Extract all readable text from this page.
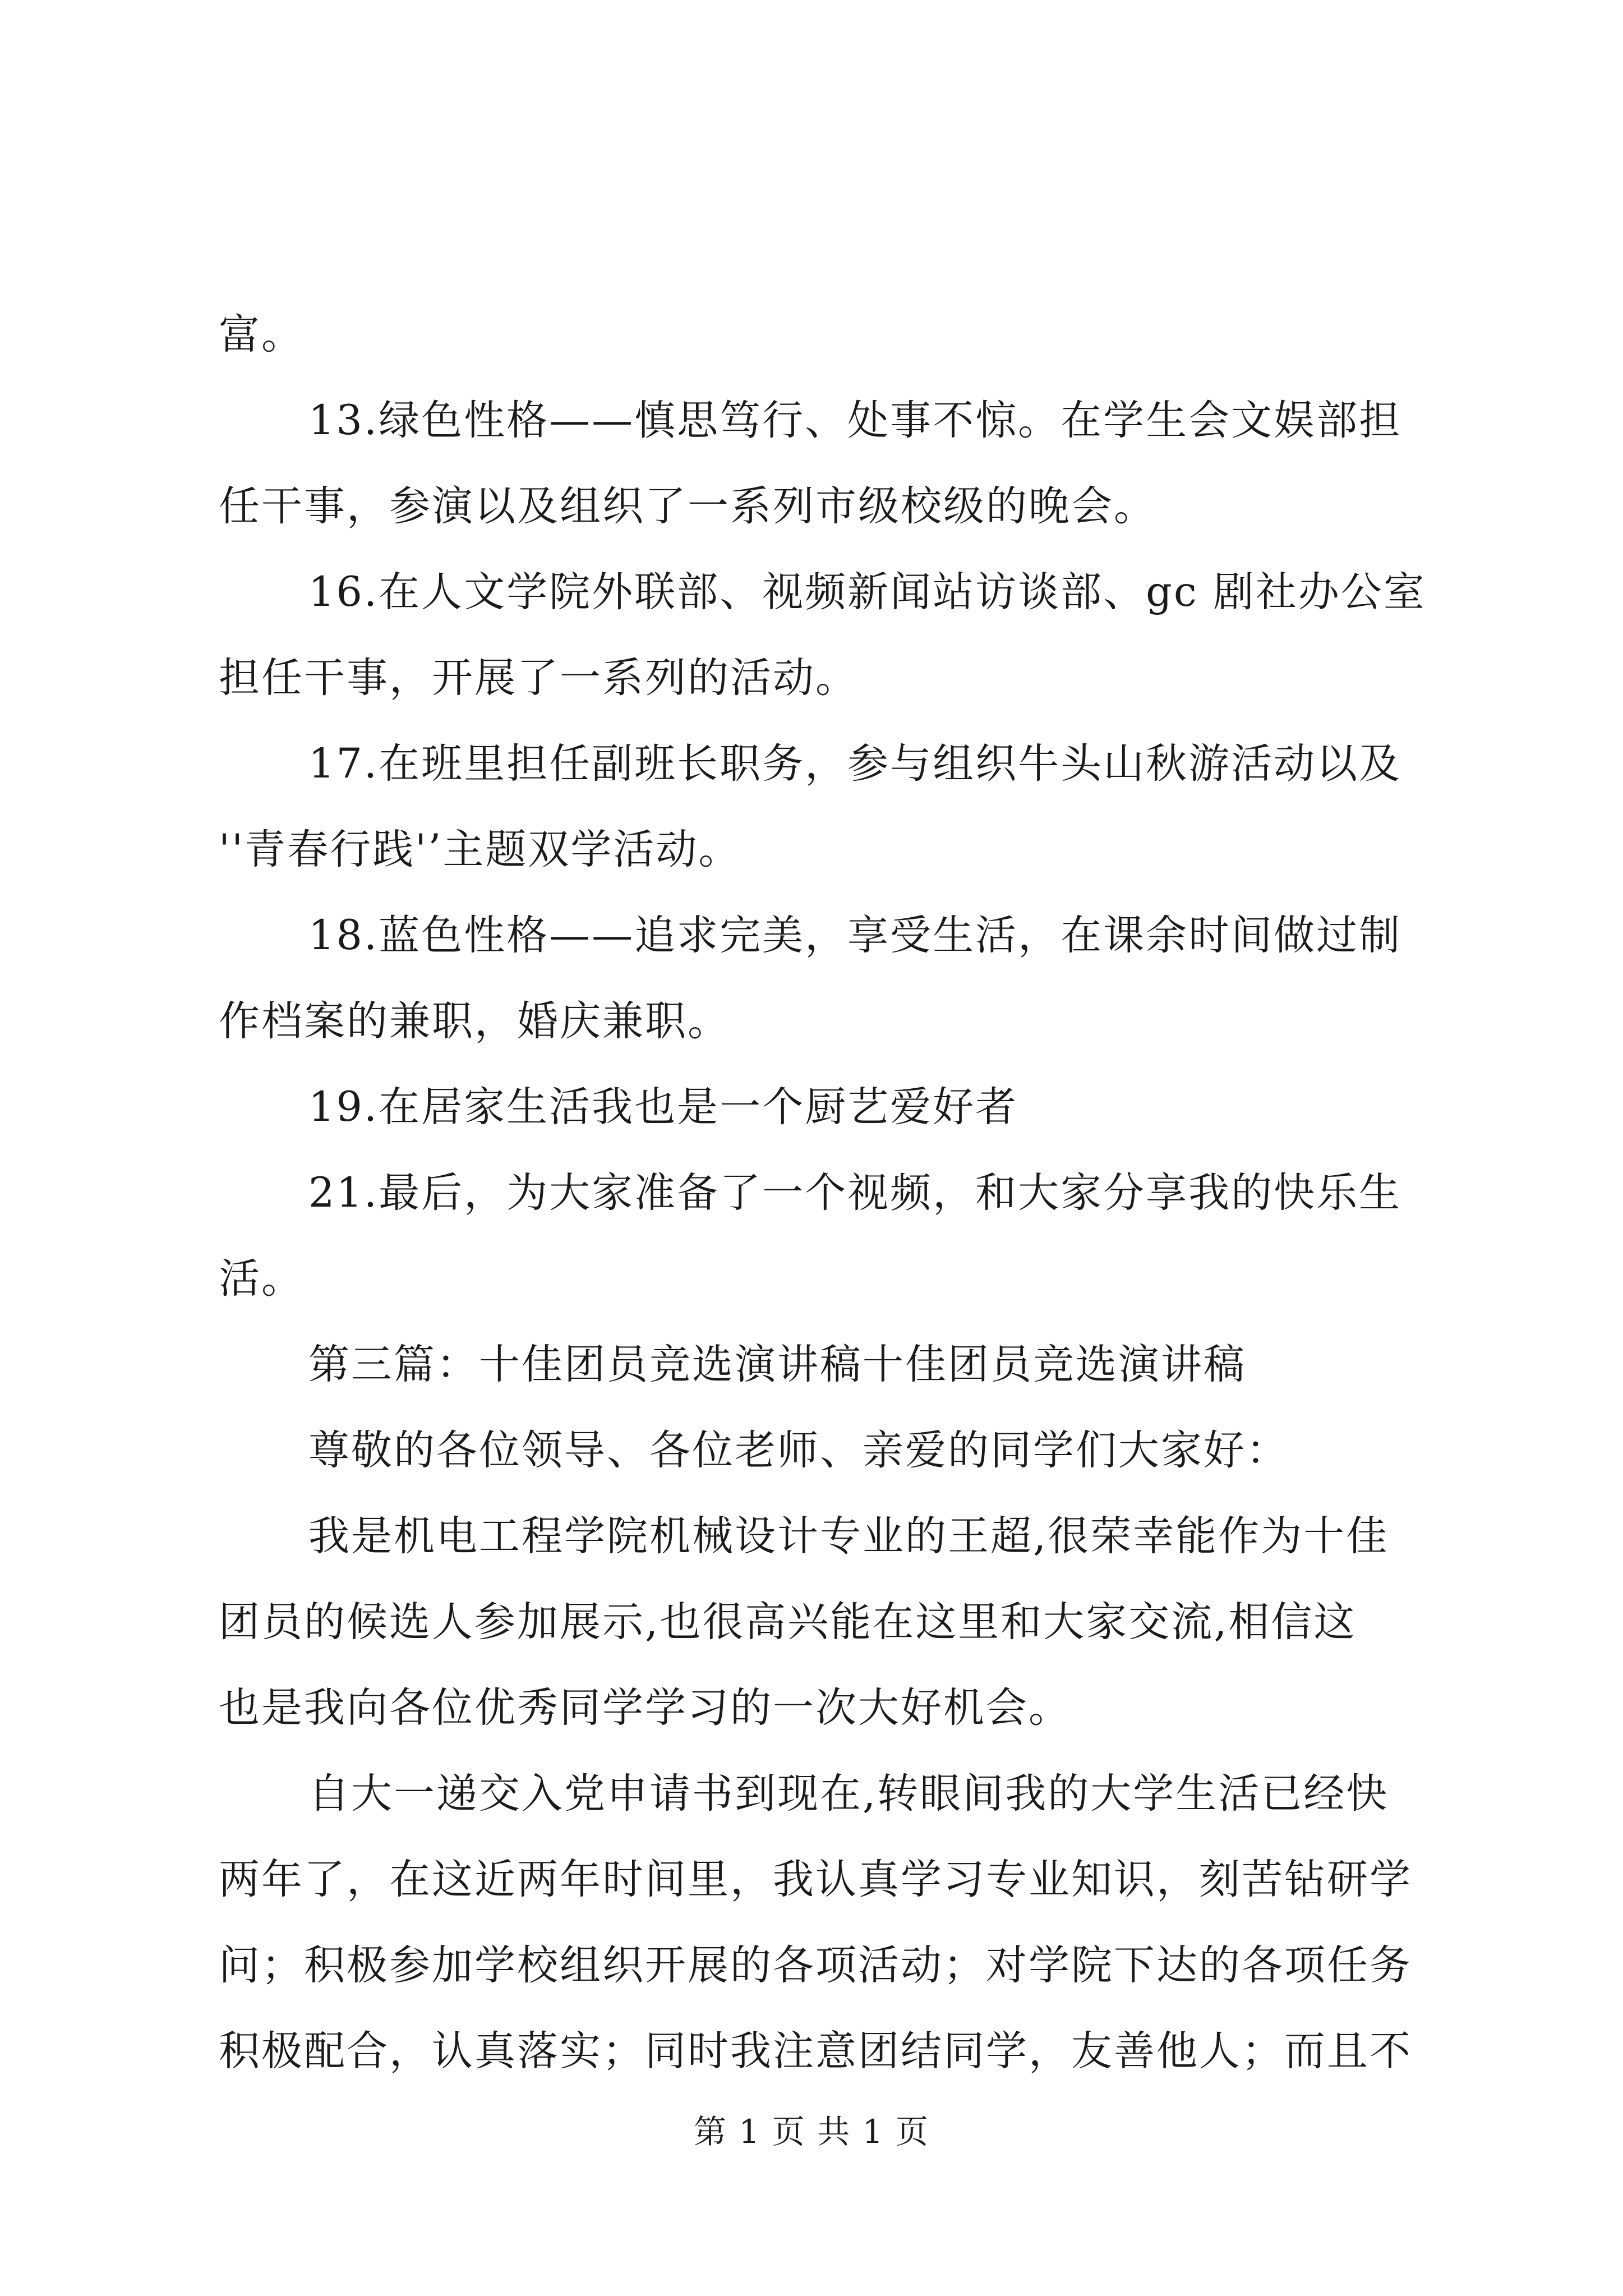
富。
13.绿色性格——慎思笃行、处事不惊。在学生会文娱部担
任干事，参演以及组织了一系列市级校级的晚会。
16.在人文学院外联部、视频新闻站访谈部、gc 剧社办公室
担任干事，开展了一系列的活动。
17.在班里担任副班长职务，参与组织牛头山秋游活动以及
''青春行践'’主题双学活动。
18.蓝色性格——追求完美，享受生活，在课余时间做过制
作档案的兼职，婚庆兼职。
19.在居家生活我也是一个厨艺爱好者
21.最后，为大家准备了一个视频，和大家分享我的快乐生
活。
第三篇：十佳团员竞选演讲稿十佳团员竞选演讲稿
尊敬的各位领导、各位老师、亲爱的同学们大家好：
我是机电工程学院机械设计专业的王超,很荣幸能作为十佳
团员的候选人参加展示,也很高兴能在这里和大家交流,相信这
也是我向各位优秀同学学习的一次大好机会。
自大一递交入党申请书到现在,转眼间我的大学生活已经快
两年了，在这近两年时间里，我认真学习专业知识，刻苦钻研学
问；积极参加学校组织开展的各项活动；对学院下达的各项任务
积极配合，认真落实；同时我注意团结同学，友善他人；而且不
第 1 页 共 1 页
